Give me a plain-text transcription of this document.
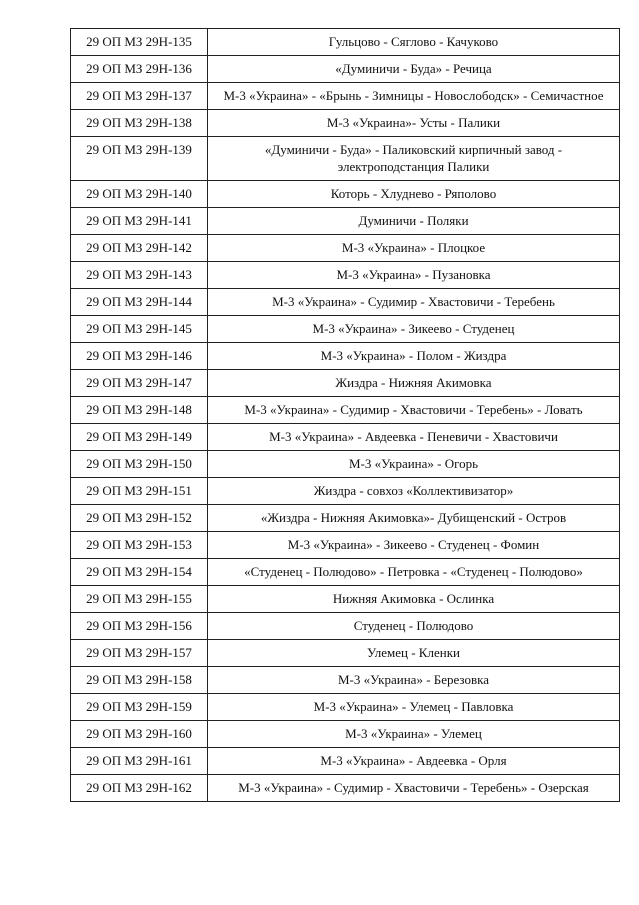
29 ОП МЗ 29Н-135	Гульцово - Сяглово - Качуково
29 ОП МЗ 29Н-136	«Думиничи - Буда» - Речица
29 ОП МЗ 29Н-137	М-3 «Украина» - «Брынь - Зимницы - Новослободск» - Семичастное
29 ОП МЗ 29Н-138	М-3 «Украина»- Усты - Палики
29 ОП МЗ 29Н-139	«Думиничи - Буда» - Паликовский кирпичный завод - электроподстанция Палики
29 ОП МЗ 29Н-140	Которь - Хлуднево - Ряполово
29 ОП МЗ 29Н-141	Думиничи - Поляки
29 ОП МЗ 29Н-142	М-3 «Украина» - Плоцкое
29 ОП МЗ 29Н-143	М-3 «Украина» - Пузановка
29 ОП МЗ 29Н-144	М-3 «Украина» - Судимир - Хвастовичи - Теребень
29 ОП МЗ 29Н-145	М-3 «Украина» - Зикеево - Студенец
29 ОП МЗ 29Н-146	М-3 «Украина» - Полом - Жиздра
29 ОП МЗ 29Н-147	Жиздра - Нижняя Акимовка
29 ОП МЗ 29Н-148	М-3 «Украина» - Судимир - Хвастовичи - Теребень» - Ловать
29 ОП МЗ 29Н-149	М-3 «Украина» - Авдеевка - Пеневичи - Хвастовичи
29 ОП МЗ 29Н-150	М-3 «Украина» - Огорь
29 ОП МЗ 29Н-151	Жиздра - совхоз «Коллективизатор»
29 ОП МЗ 29Н-152	«Жиздра - Нижняя Акимовка»- Дубищенский - Остров
29 ОП МЗ 29Н-153	М-3 «Украина» - Зикеево - Студенец - Фомин
29 ОП МЗ 29Н-154	«Студенец - Полюдово» - Петровка - «Студенец - Полюдово»
29 ОП МЗ 29Н-155	Нижняя Акимовка - Ослинка
29 ОП МЗ 29Н-156	Студенец - Полюдово
29 ОП МЗ 29Н-157	Улемец - Кленки
29 ОП МЗ 29Н-158	М-3 «Украина» - Березовка
29 ОП МЗ 29Н-159	М-3 «Украина» - Улемец - Павловка
29 ОП МЗ 29Н-160	М-3 «Украина» - Улемец
29 ОП МЗ 29Н-161	М-3 «Украина» - Авдеевка - Орля
29 ОП МЗ 29Н-162	М-3 «Украина» - Судимир - Хвастовичи - Теребень» - Озерская
